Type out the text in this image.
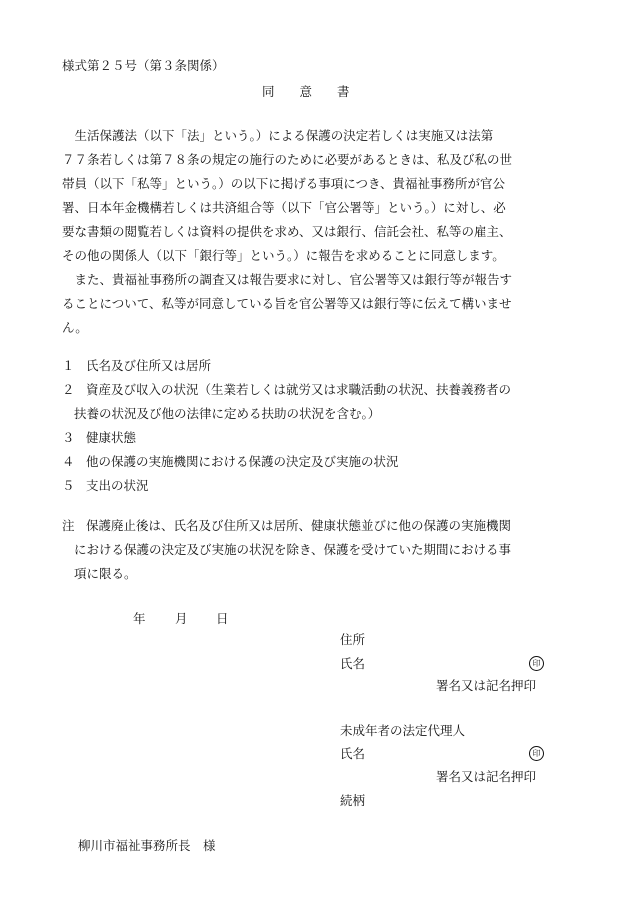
様式第２５号（第３条関係）
同　　意　　書
　生活保護法（以下「法」という。）による保護の決定若しくは実施又は法第
７７条若しくは第７８条の規定の施行のために必要があるときは、私及び私の世
帯員（以下「私等」という。）の以下に掲げる事項につき、貴福祉事務所が官公
署、日本年金機構若しくは共済組合等（以下「官公署等」という。）に対し、必
要な書類の閲覧若しくは資料の提供を求め、又は銀行、信託会社、私等の雇主、
その他の関係人（以下「銀行等」という。）に報告を求めることに同意します。
　また、貴福祉事務所の調査又は報告要求に対し、官公署等又は銀行等が報告す
ることについて、私等が同意している旨を官公署等又は銀行等に伝えて構いませ
ん。
１ 氏名及び住所又は居所
２ 資産及び収入の状況（生業若しくは就労又は求職活動の状況、扶養義務者の
扶養の状況及び他の法律に定める扶助の状況を含む。）
３ 健康状態
４ 他の保護の実施機関における保護の決定及び実施の状況
５ 支出の状況
注 保護廃止後は、氏名及び住所又は居所、健康状態並びに他の保護の実施機関
における保護の決定及び実施の状況を除き、保護を受けていた期間における事
項に限る。
年 月 日
住所
氏名	印
署名又は記名押印
未成年者の法定代理人
氏名	印
署名又は記名押印
続柄
柳川市福祉事務所長　様
